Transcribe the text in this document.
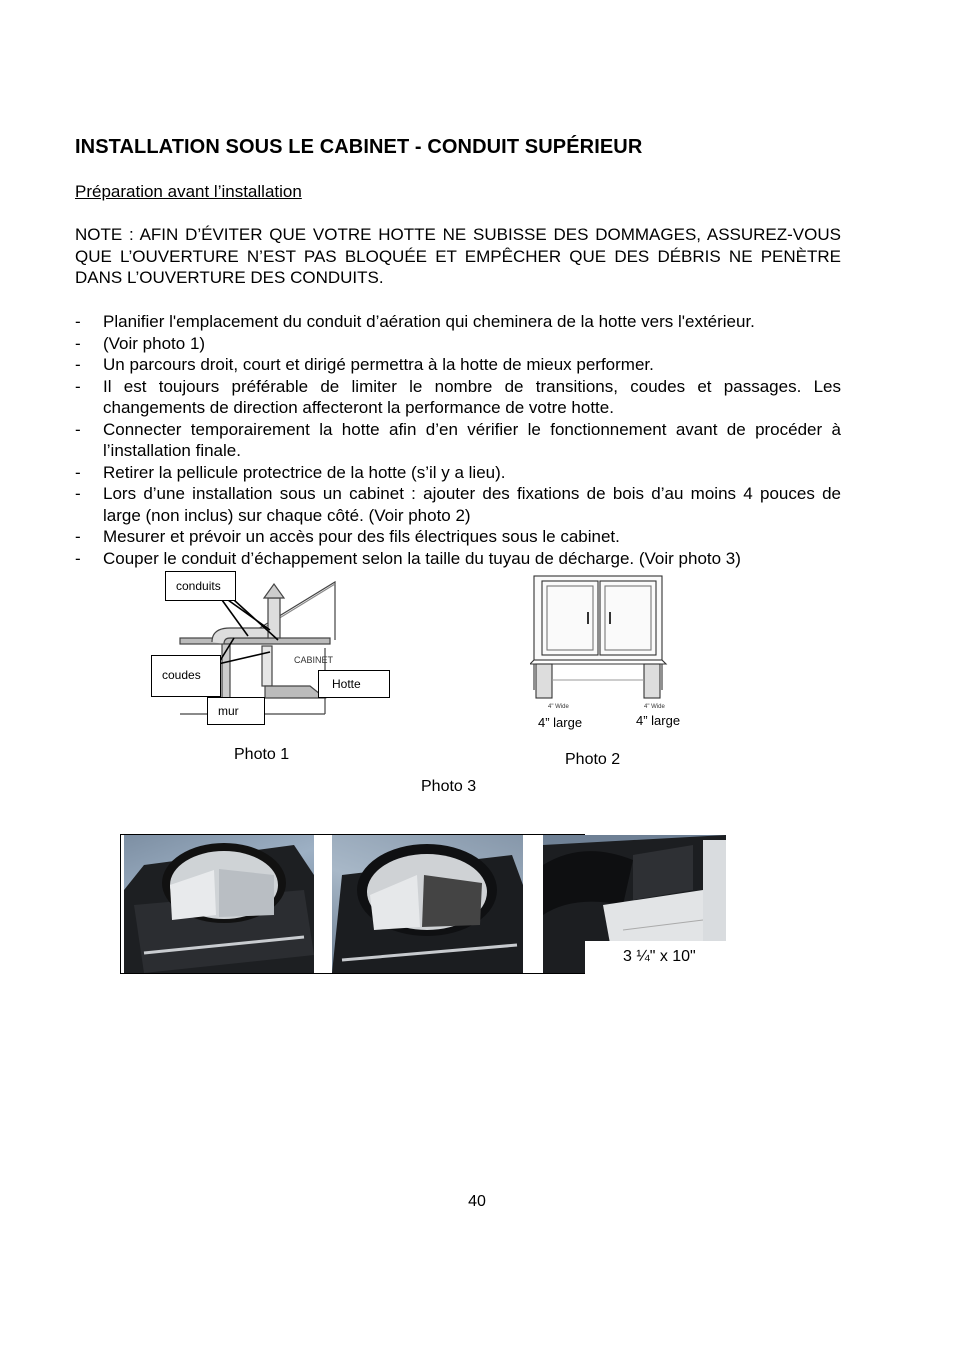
INSTALLATION SOUS LE CABINET - CONDUIT SUPÉRIEUR
Préparation avant l’installation
NOTE : AFIN D’ÉVITER QUE VOTRE HOTTE NE SUBISSE DES DOMMAGES, ASSUREZ-VOUS QUE L’OUVERTURE N’EST PAS BLOQUÉE ET EMPÊCHER QUE DES DÉBRIS NE PENÈTRE DANS L’OUVERTURE DES CONDUITS.
- Planifier l'emplacement du conduit d’aération qui cheminera de la hotte vers l'extérieur.
- (Voir photo 1)
- Un parcours droit, court et dirigé permettra à la hotte de mieux performer.
- Il est toujours préférable de limiter le nombre de transitions, coudes et passages. Les changements de direction affecteront la performance de votre hotte.
- Connecter temporairement la hotte afin d’en vérifier le fonctionnement avant de procéder à l’installation finale.
- Retirer la pellicule protectrice de la hotte (s’il y a lieu).
- Lors d’une installation sous un cabinet : ajouter des fixations de bois d’au moins 4 pouces de large (non inclus) sur chaque côté. (Voir photo 2)
- Mesurer et prévoir un accès pour des fils électriques sous le cabinet.
- Couper le conduit d’échappement selon la taille du tuyau de décharge. (Voir photo 3)
CABINET
conduits
coudes
Hotte
mur
Photo 1
4" Wide	4" Wide
4” large	4” large
Photo 2
Photo 3
3 ¼" x 10"
40
